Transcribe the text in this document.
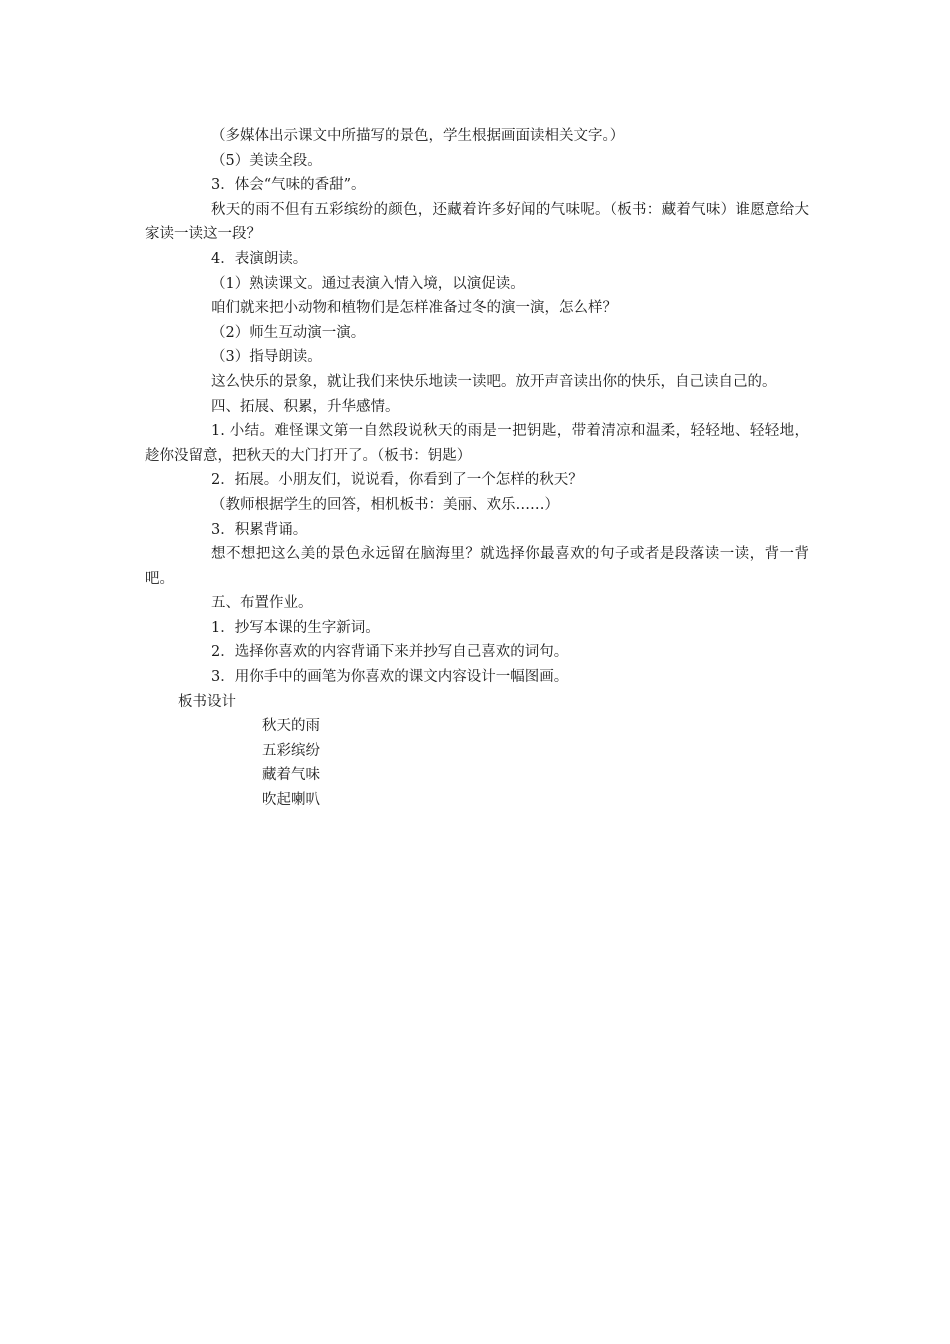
（多媒体出示课文中所描写的景色，学生根据画面读相关文字。）

（5）美读全段。

3．体会“气味的香甜”。

秋天的雨不但有五彩缤纷的颜色，还藏着许多好闻的气味呢。（板书：藏着气味）谁愿意给大家读一读这一段？

4．表演朗读。

（1）熟读课文。通过表演入情入境，以演促读。

咱们就来把小动物和植物们是怎样准备过冬的演一演，怎么样？

（2）师生互动演一演。

（3）指导朗读。

这么快乐的景象，就让我们来快乐地读一读吧。放开声音读出你的快乐，自己读自己的。

四、拓展、积累，升华感情。

1. 小结。难怪课文第一自然段说秋天的雨是一把钥匙，带着清凉和温柔，轻轻地、轻轻地，趁你没留意，把秋天的大门打开了。（板书：钥匙）

2．拓展。小朋友们，说说看，你看到了一个怎样的秋天？

（教师根据学生的回答，相机板书：美丽、欢乐……）

3．积累背诵。

想不想把这么美的景色永远留在脑海里？就选择你最喜欢的句子或者是段落读一读，背一背吧。

五、布置作业。

1．抄写本课的生字新词。

2．选择你喜欢的内容背诵下来并抄写自己喜欢的词句。

3．用你手中的画笔为你喜欢的课文内容设计一幅图画。

板书设计

秋天的雨

五彩缤纷

藏着气味

吹起喇叭
